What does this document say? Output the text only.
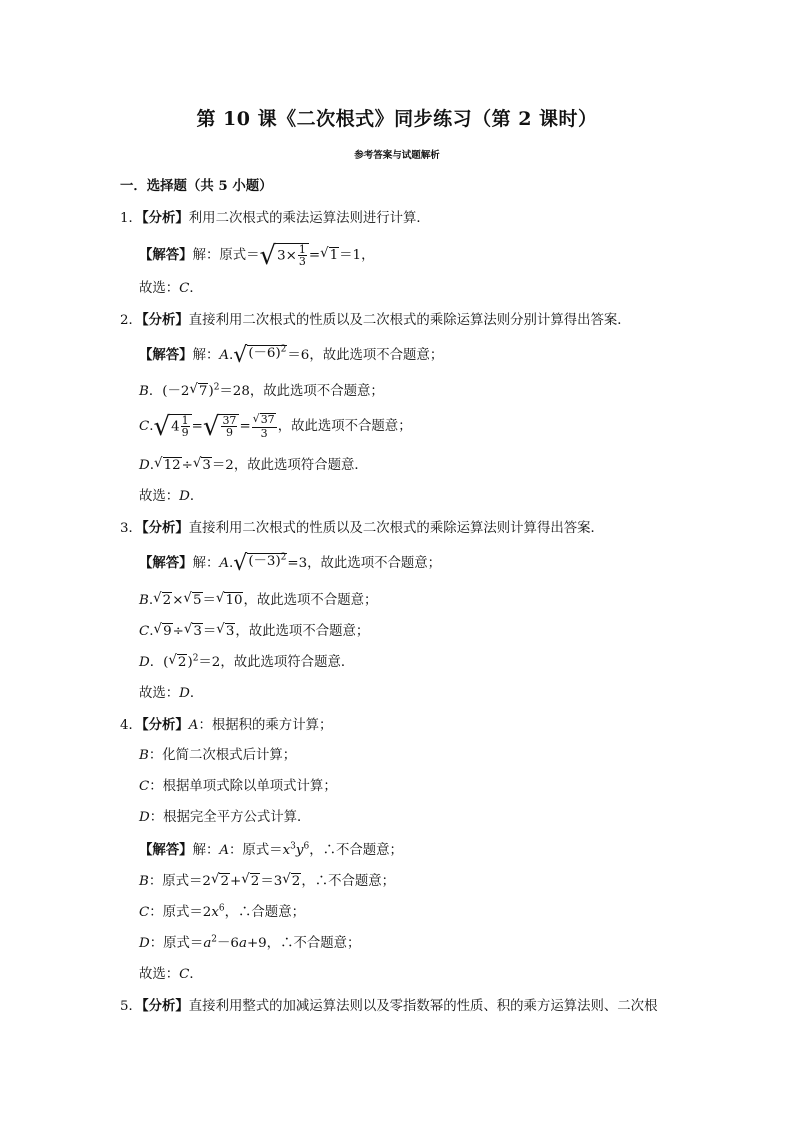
第 10 课《二次根式》同步练习（第 2 课时）
参考答案与试题解析
一．选择题（共 5 小题）
1．【分析】利用二次根式的乘法运算法则进行计算．
【解答】解：原式＝ √ $3\times \frac{1}{3}$ = √ 1 ＝1，
故选：C．
2．【分析】直接利用二次根式的性质以及二次根式的乘除运算法则分别计算得出答案．
【解答】解：A. √ $(-6)^2 =6$，故此选项不合题意；
B．(－2 √ 7 )$^2$＝28，故此选项不合题意；
C. √ $4 \frac{1}{9}$ = √ $\frac{37}{9} = \frac{√ 37}{3}$ ，故此选项不合题意；
D. √ 12 ÷ √ 3 ＝2，故此选项符合题意．
故选：D．
3．【分析】直接利用二次根式的性质以及二次根式的乘除运算法则计算得出答案．
【解答】解：A. √ $(-3)^2 =3$，故此选项不合题意；
B. √ 2 × √ 5 ＝ √ 10 ，故此选项不合题意；
C. √ 9 ÷ √ 3 ＝ √ 3 ，故此选项不合题意；
D．( √ 2 )$^2$＝2，故此选项符合题意．
故选：D．
4．【分析】A：根据积的乘方计算；
B：化简二次根式后计算；
C：根据单项式除以单项式计算；
D：根据完全平方公式计算．
【解答】解：A：原式$=x^3y^6$，∴不合题意；
B：原式＝2 √ 2 + √ 2 ＝3 √ 2 ，∴不合题意；
C：原式$=2x^6$，∴合题意；
D：原式$=a^2-6a+9$，∴不合题意；
故选：C．
5．【分析】直接利用整式的加减运算法则以及零指数幂的性质、积的乘方运算法则、二次根
